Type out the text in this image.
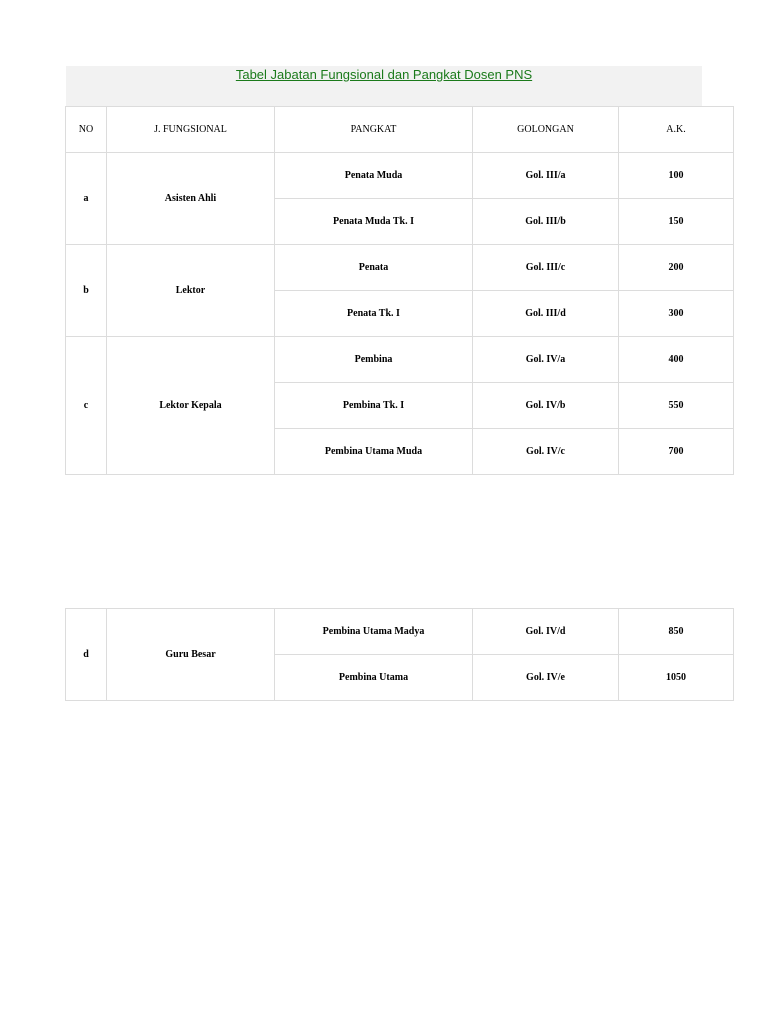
Tabel Jabatan Fungsional dan Pangkat Dosen PNS
NO	J. FUNGSIONAL	PANGKAT	GOLONGAN	A.K.
a	Asisten Ahli	Penata Muda	Gol. III/a	100
		Penata Muda Tk. I	Gol. III/b	150
b	Lektor	Penata	Gol. III/c	200
		Penata Tk. I	Gol. III/d	300
c	Lektor Kepala	Pembina	Gol. IV/a	400
		Pembina Tk. I	Gol. IV/b	550
		Pembina Utama Muda	Gol. IV/c	700
d	Guru Besar	Pembina Utama Madya	Gol. IV/d	850
		Pembina Utama	Gol. IV/e	1050
